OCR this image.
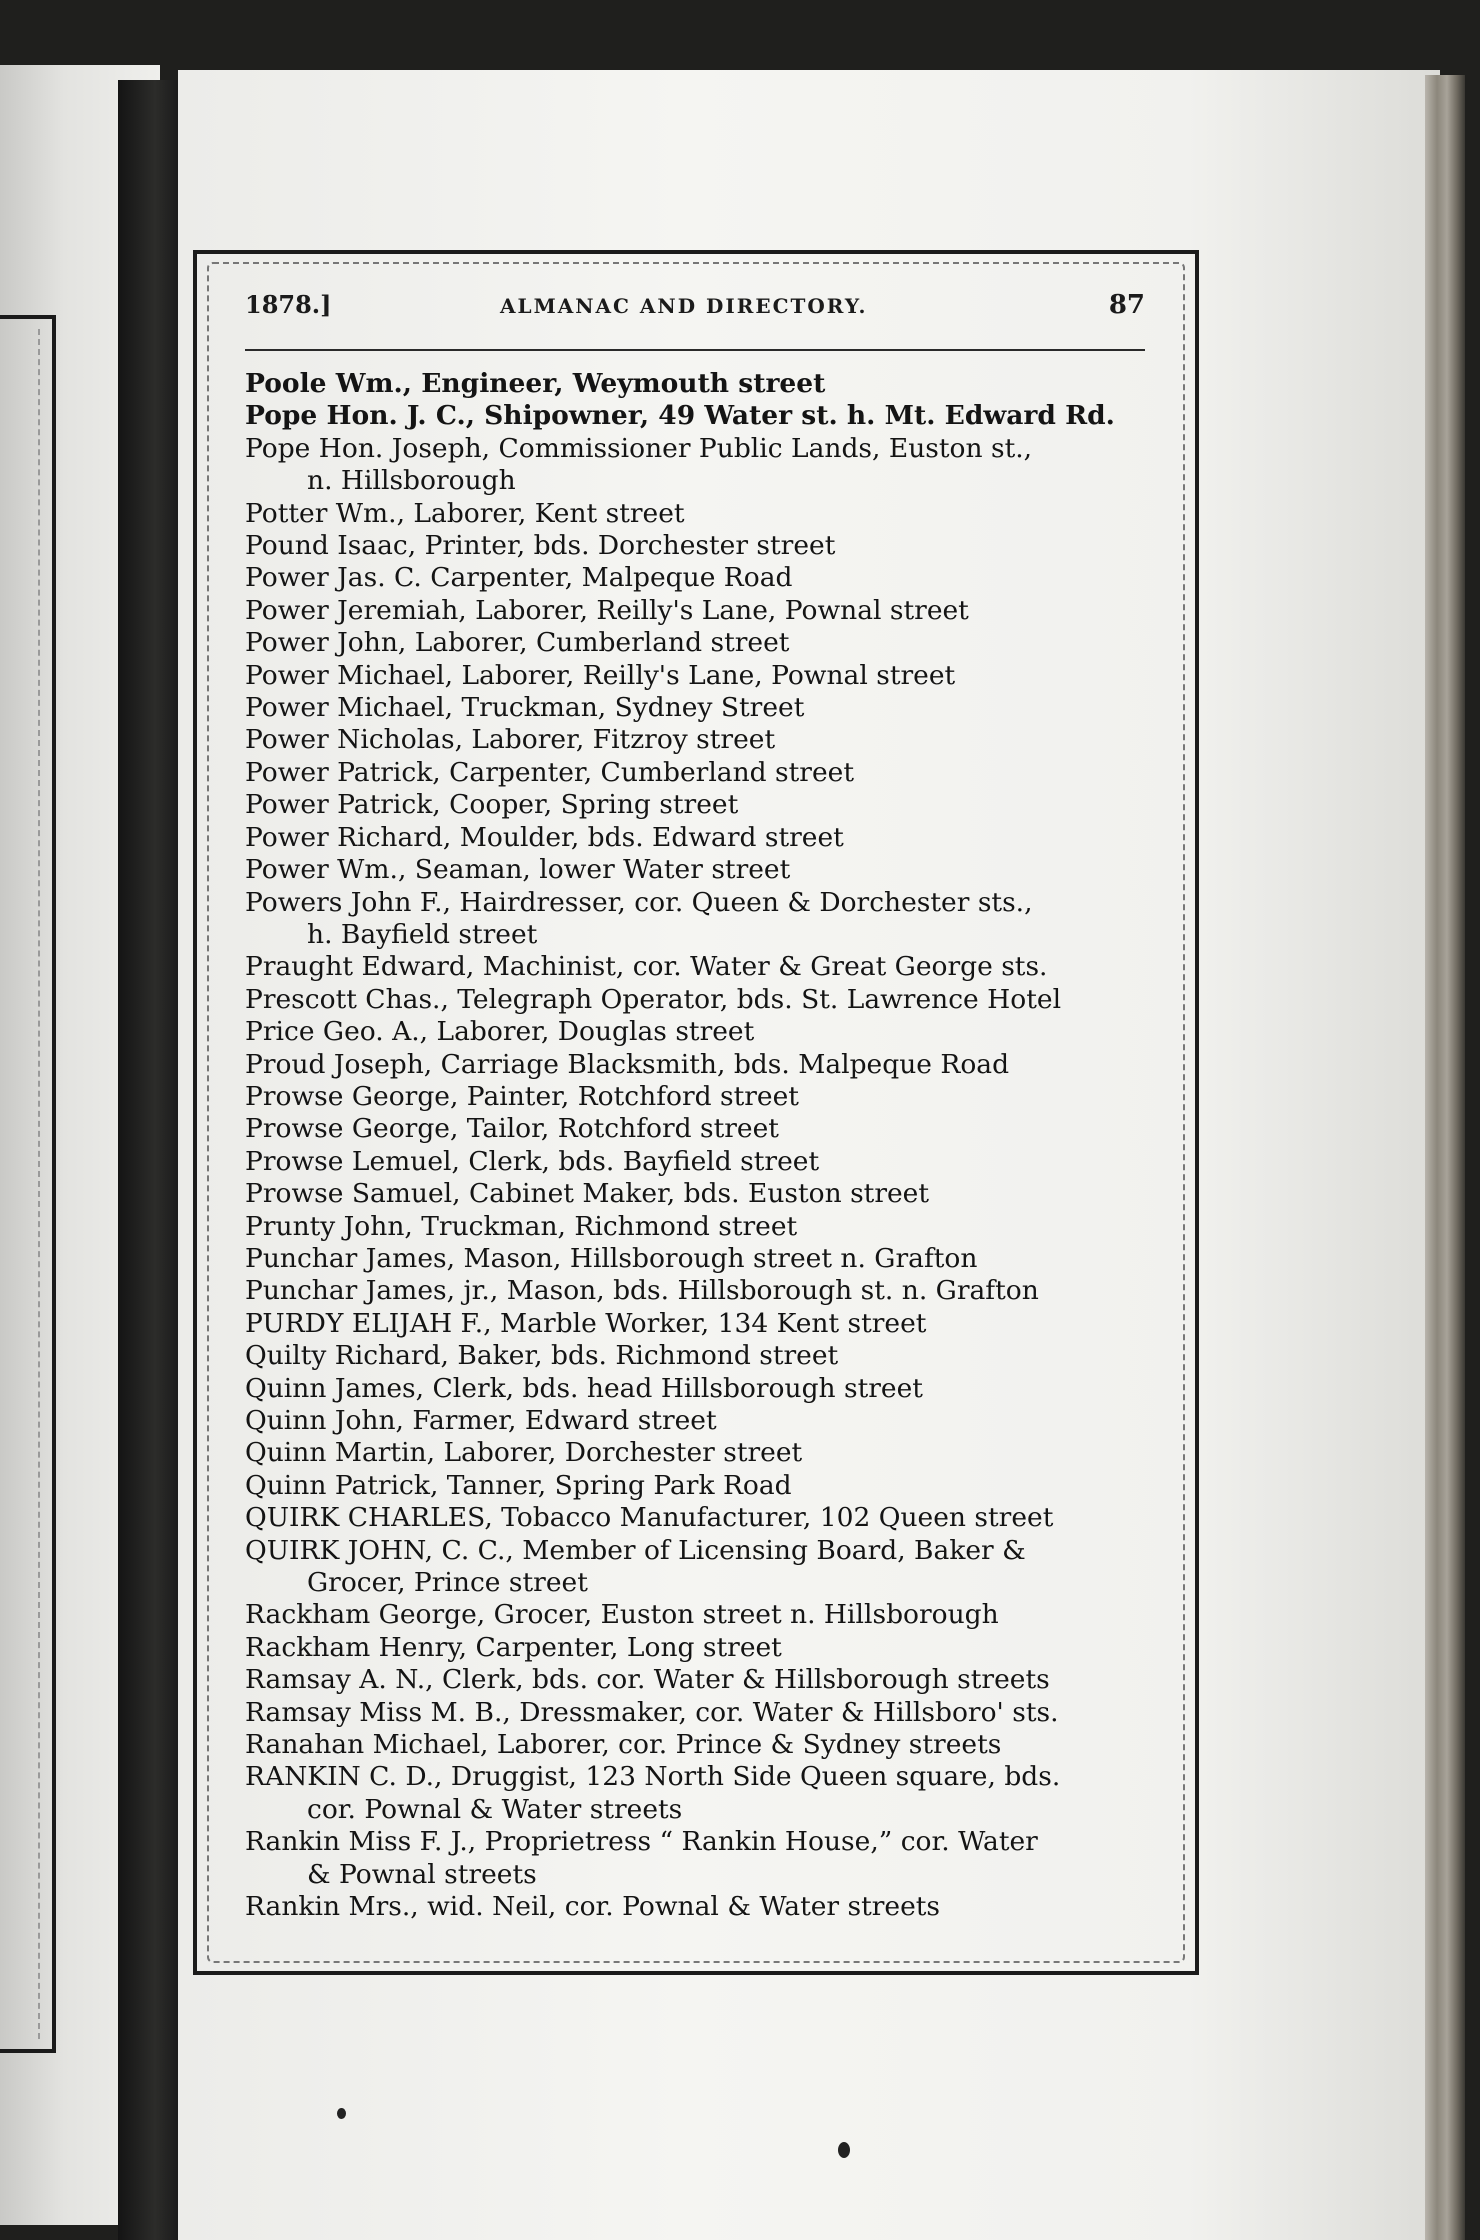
1878.]	ALMANAC AND DIRECTORY.	87
Poole Wm., Engineer, Weymouth street
Pope Hon. J. C., Shipowner, 49 Water st. h. Mt. Edward Rd.
Pope Hon. Joseph, Commissioner Public Lands, Euston st.,
n. Hillsborough
Potter Wm., Laborer, Kent street
Pound Isaac, Printer, bds. Dorchester street
Power Jas. C. Carpenter, Malpeque Road
Power Jeremiah, Laborer, Reilly's Lane, Pownal street
Power John, Laborer, Cumberland street
Power Michael, Laborer, Reilly's Lane, Pownal street
Power Michael, Truckman, Sydney Street
Power Nicholas, Laborer, Fitzroy street
Power Patrick, Carpenter, Cumberland street
Power Patrick, Cooper, Spring street
Power Richard, Moulder, bds. Edward street
Power Wm., Seaman, lower Water street
Powers John F., Hairdresser, cor. Queen & Dorchester sts.,
h. Bayfield street
Praught Edward, Machinist, cor. Water & Great George sts.
Prescott Chas., Telegraph Operator, bds. St. Lawrence Hotel
Price Geo. A., Laborer, Douglas street
Proud Joseph, Carriage Blacksmith, bds. Malpeque Road
Prowse George, Painter, Rotchford street
Prowse George, Tailor, Rotchford street
Prowse Lemuel, Clerk, bds. Bayfield street
Prowse Samuel, Cabinet Maker, bds. Euston street
Prunty John, Truckman, Richmond street
Punchar James, Mason, Hillsborough street n. Grafton
Punchar James, jr., Mason, bds. Hillsborough st. n. Grafton
PURDY ELIJAH F., Marble Worker, 134 Kent street
Quilty Richard, Baker, bds. Richmond street
Quinn James, Clerk, bds. head Hillsborough street
Quinn John, Farmer, Edward street
Quinn Martin, Laborer, Dorchester street
Quinn Patrick, Tanner, Spring Park Road
QUIRK CHARLES, Tobacco Manufacturer, 102 Queen street
QUIRK JOHN, C. C., Member of Licensing Board, Baker &
Grocer, Prince street
Rackham George, Grocer, Euston street n. Hillsborough
Rackham Henry, Carpenter, Long street
Ramsay A. N., Clerk, bds. cor. Water & Hillsborough streets
Ramsay Miss M. B., Dressmaker, cor. Water & Hillsboro' sts.
Ranahan Michael, Laborer, cor. Prince & Sydney streets
RANKIN C. D., Druggist, 123 North Side Queen square, bds.
cor. Pownal & Water streets
Rankin Miss F. J., Proprietress “ Rankin House,” cor. Water
& Pownal streets
Rankin Mrs., wid. Neil, cor. Pownal & Water streets
